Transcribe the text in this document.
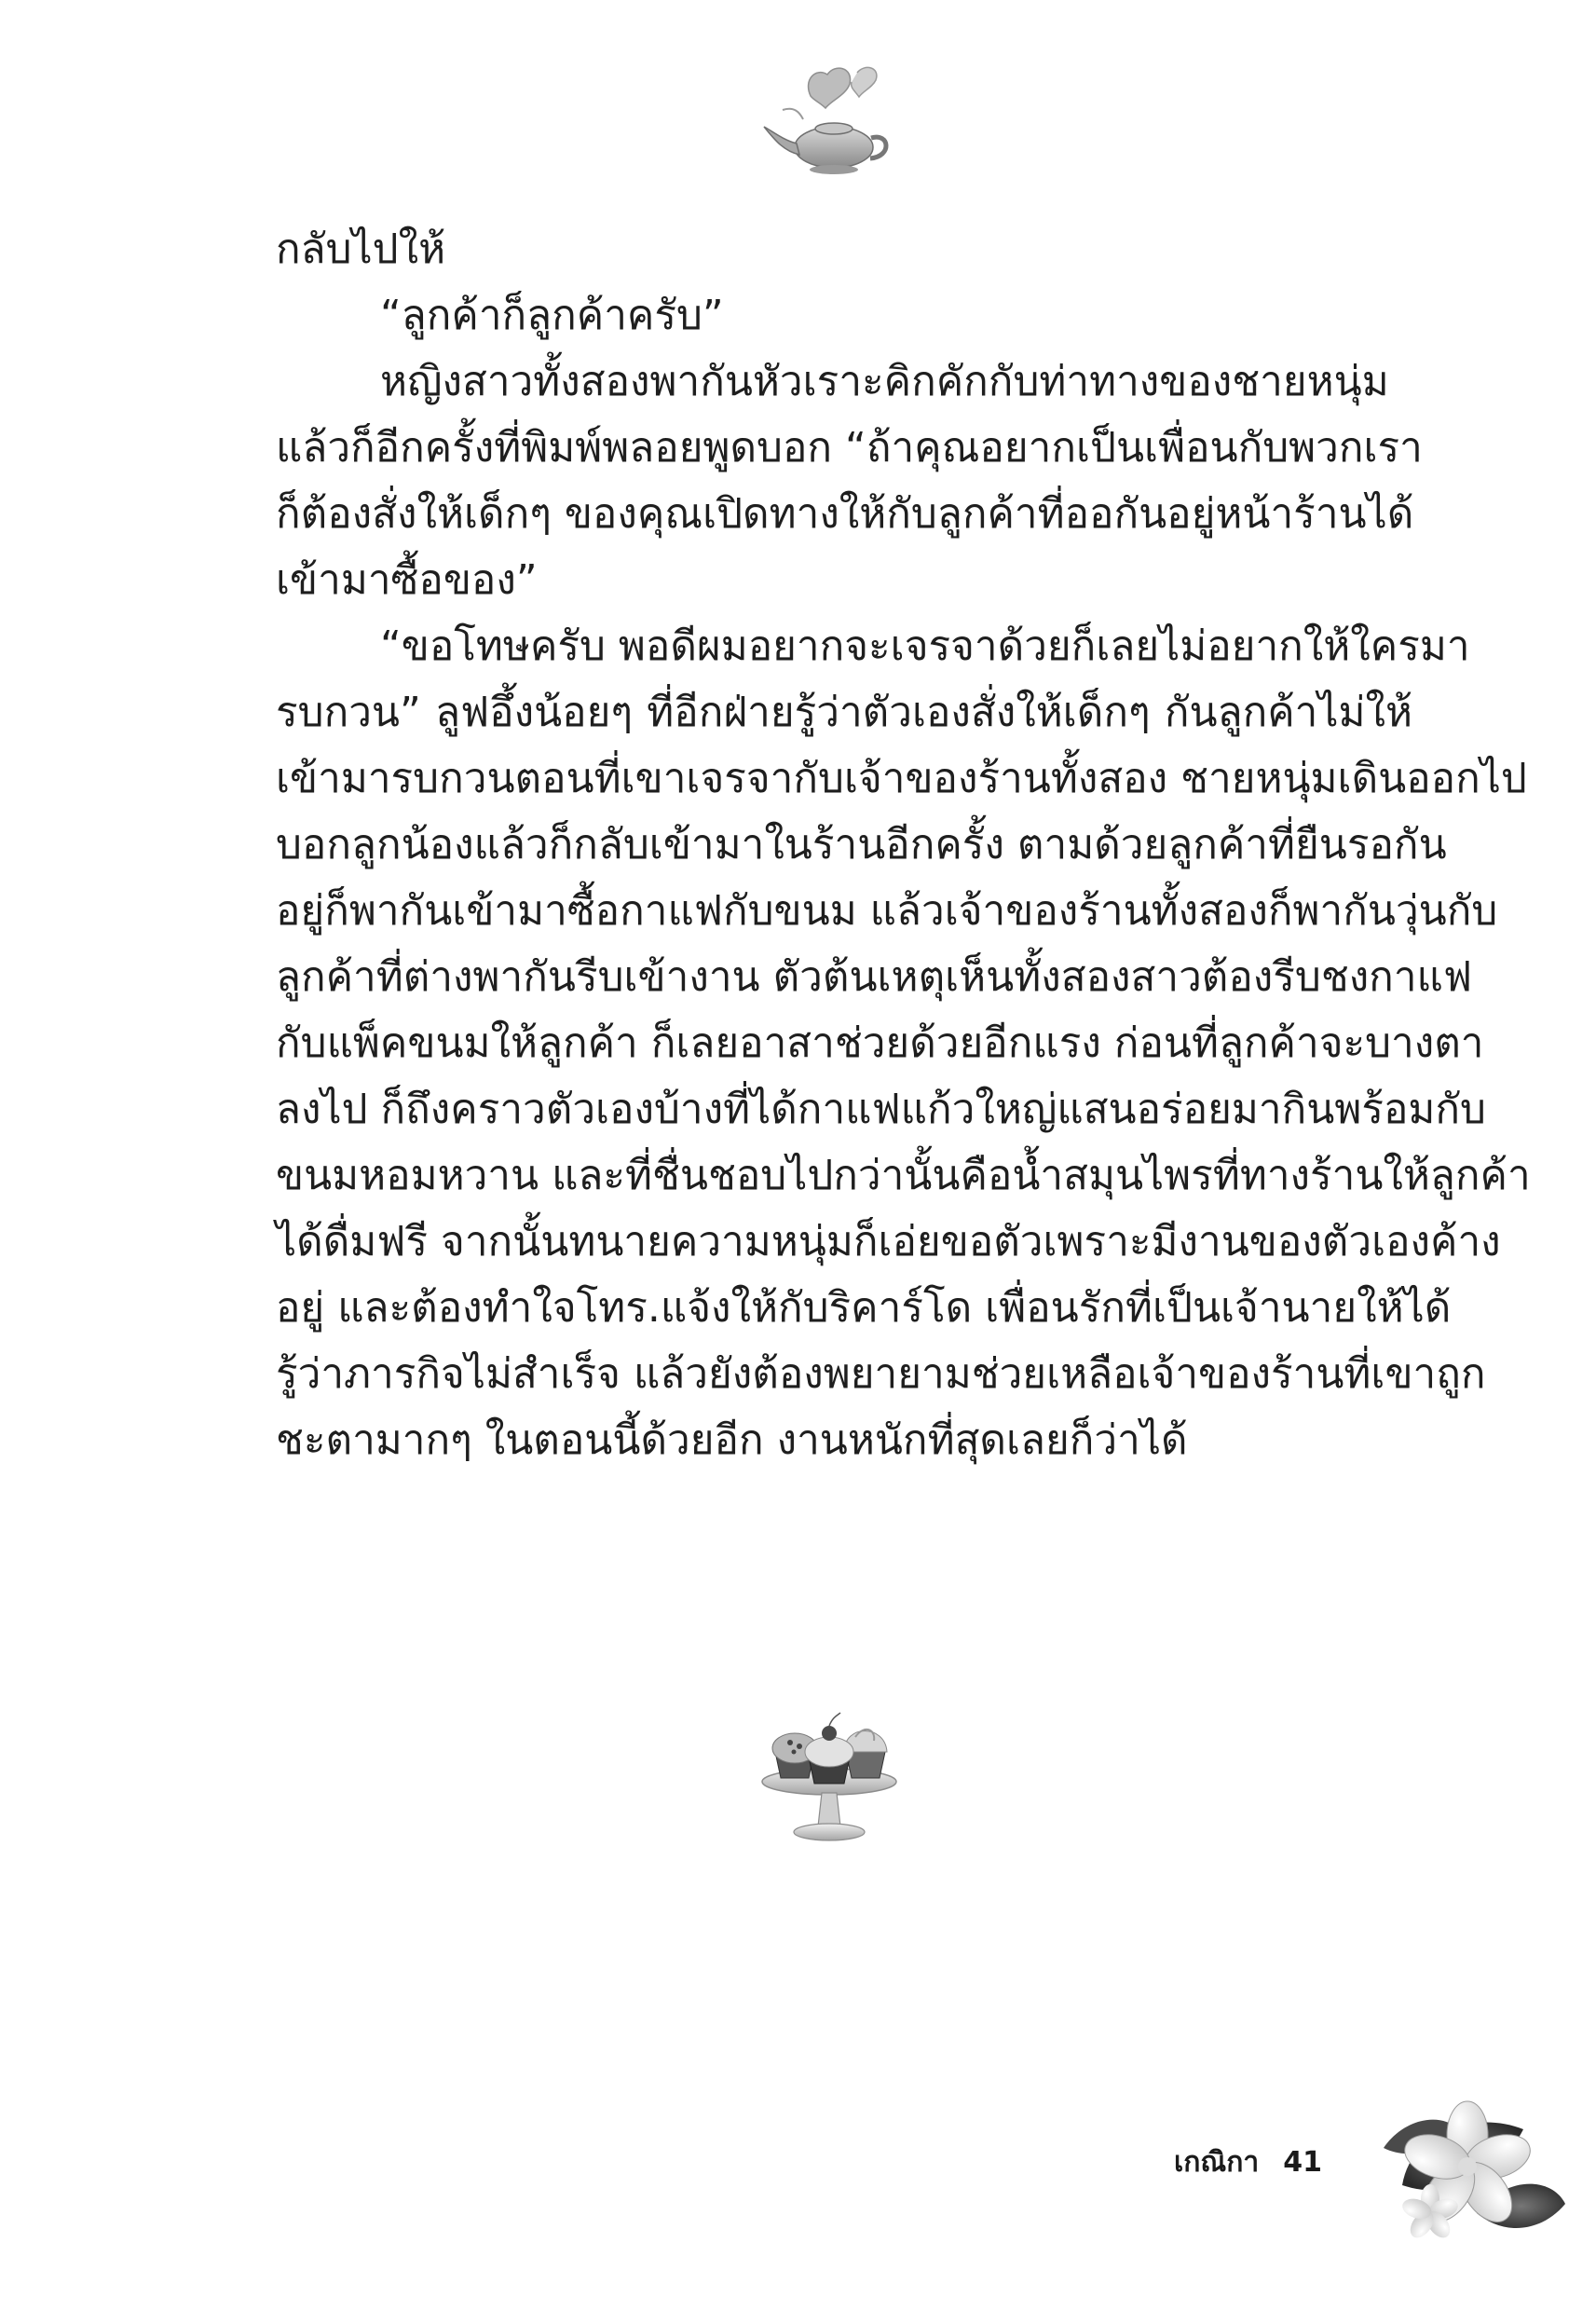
กลับไปให้
“ลูกค้าก็ลูกค้าครับ”
หญิงสาวทั้งสองพากันหัวเราะคิกคักกับท่าทางของชายหนุ่ม
แล้วก็อีกครั้งที่พิมพ์พลอยพูดบอก “ถ้าคุณอยากเป็นเพื่อนกับพวกเรา
ก็ต้องสั่งให้เด็กๆ ของคุณเปิดทางให้กับลูกค้าที่ออกันอยู่หน้าร้านได้
เข้ามาซื้อของ”
“ขอโทษครับ พอดีผมอยากจะเจรจาด้วยก็เลยไม่อยากให้ใครมา
รบกวน” ลูฟอึ้งน้อยๆ ที่อีกฝ่ายรู้ว่าตัวเองสั่งให้เด็กๆ กันลูกค้าไม่ให้
เข้ามารบกวนตอนที่เขาเจรจากับเจ้าของร้านทั้งสอง ชายหนุ่มเดินออกไป
บอกลูกน้องแล้วก็กลับเข้ามาในร้านอีกครั้ง ตามด้วยลูกค้าที่ยืนรอกัน
อยู่ก็พากันเข้ามาซื้อกาแฟกับขนม แล้วเจ้าของร้านทั้งสองก็พากันวุ่นกับ
ลูกค้าที่ต่างพากันรีบเข้างาน ตัวต้นเหตุเห็นทั้งสองสาวต้องรีบชงกาแฟ
กับแพ็คขนมให้ลูกค้า ก็เลยอาสาช่วยด้วยอีกแรง ก่อนที่ลูกค้าจะบางตา
ลงไป ก็ถึงคราวตัวเองบ้างที่ได้กาแฟแก้วใหญ่แสนอร่อยมากินพร้อมกับ
ขนมหอมหวาน และที่ชื่นชอบไปกว่านั้นคือน้ำสมุนไพรที่ทางร้านให้ลูกค้า
ได้ดื่มฟรี จากนั้นทนายความหนุ่มก็เอ่ยขอตัวเพราะมีงานของตัวเองค้าง
อยู่ และต้องทำใจโทร.แจ้งให้กับริคาร์โด เพื่อนรักที่เป็นเจ้านายให้ได้
รู้ว่าภารกิจไม่สำเร็จ แล้วยังต้องพยายามช่วยเหลือเจ้าของร้านที่เขาถูก
ชะตามากๆ ในตอนนี้ด้วยอีก งานหนักที่สุดเลยก็ว่าได้
เกณิกา 41
